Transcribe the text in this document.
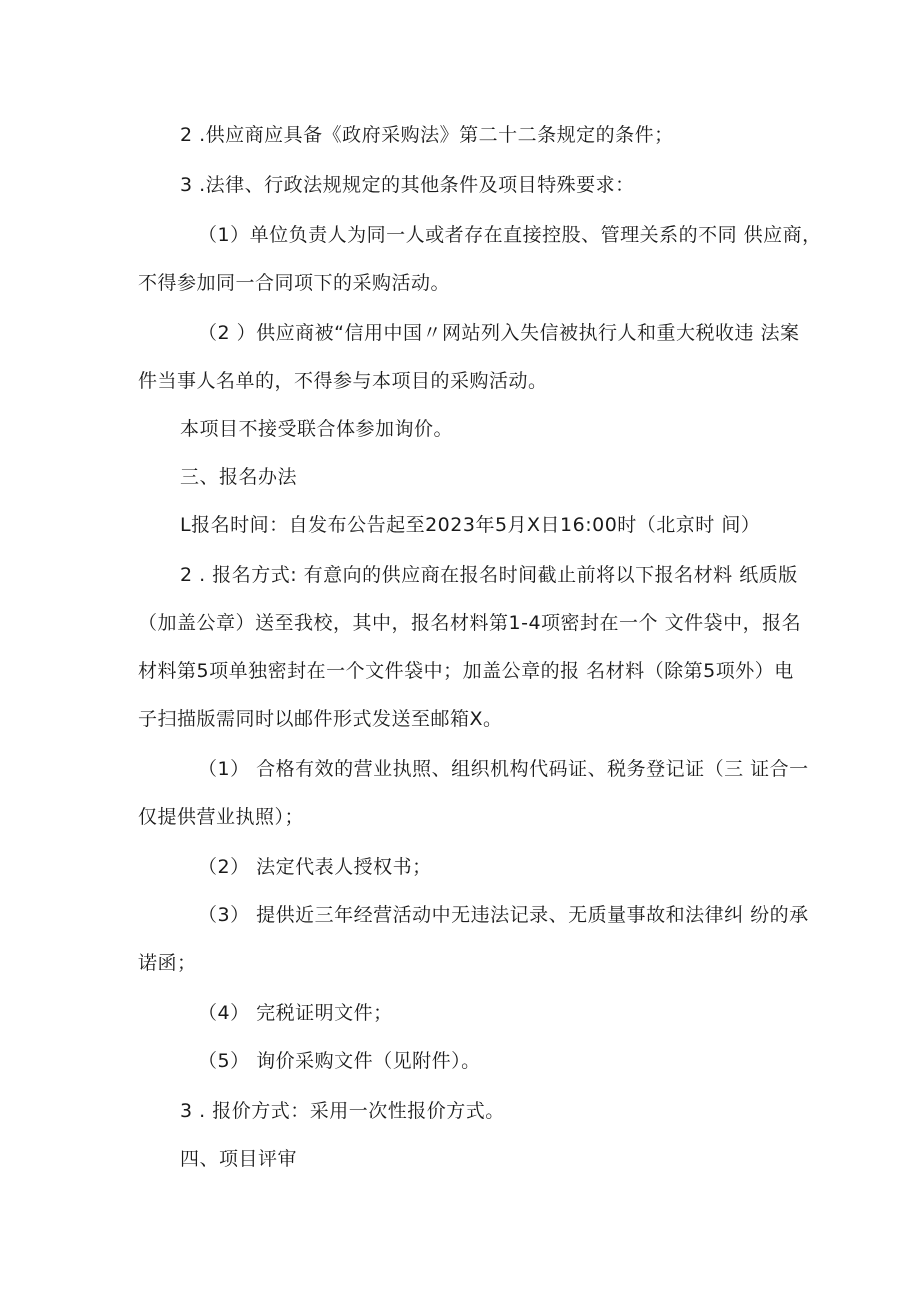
2 .供应商应具备《政府采购法》第二十二条规定的条件；
3 .法律、行政法规规定的其他条件及项目特殊要求：
（1）单位负责人为同一人或者存在直接控股、管理关系的不同 供应商，
不得参加同一合同项下的采购活动。
（2 ）供应商被“信用中国〃网站列入失信被执行人和重大税收违 法案
件当事人名单的，不得参与本项目的采购活动。
本项目不接受联合体参加询价。
三、报名办法
L报名时间：自发布公告起至2023年5月X日16:00时（北京时 间）
2 . 报名方式: 有意向的供应商在报名时间截止前将以下报名材料 纸质版
（加盖公章）送至我校，其中，报名材料第1-4项密封在一个 文件袋中，报名
材料第5项单独密封在一个文件袋中；加盖公章的报 名材料（除第5项外）电
子扫描版需同时以邮件形式发送至邮箱X。
（1） 合格有效的营业执照、组织机构代码证、税务登记证（三 证合一
仅提供营业执照）；
（2） 法定代表人授权书；
（3） 提供近三年经营活动中无违法记录、无质量事故和法律纠 纷的承
诺函；
（4） 完税证明文件；
（5） 询价采购文件（见附件）。
3 . 报价方式：采用一次性报价方式。
四、项目评审
